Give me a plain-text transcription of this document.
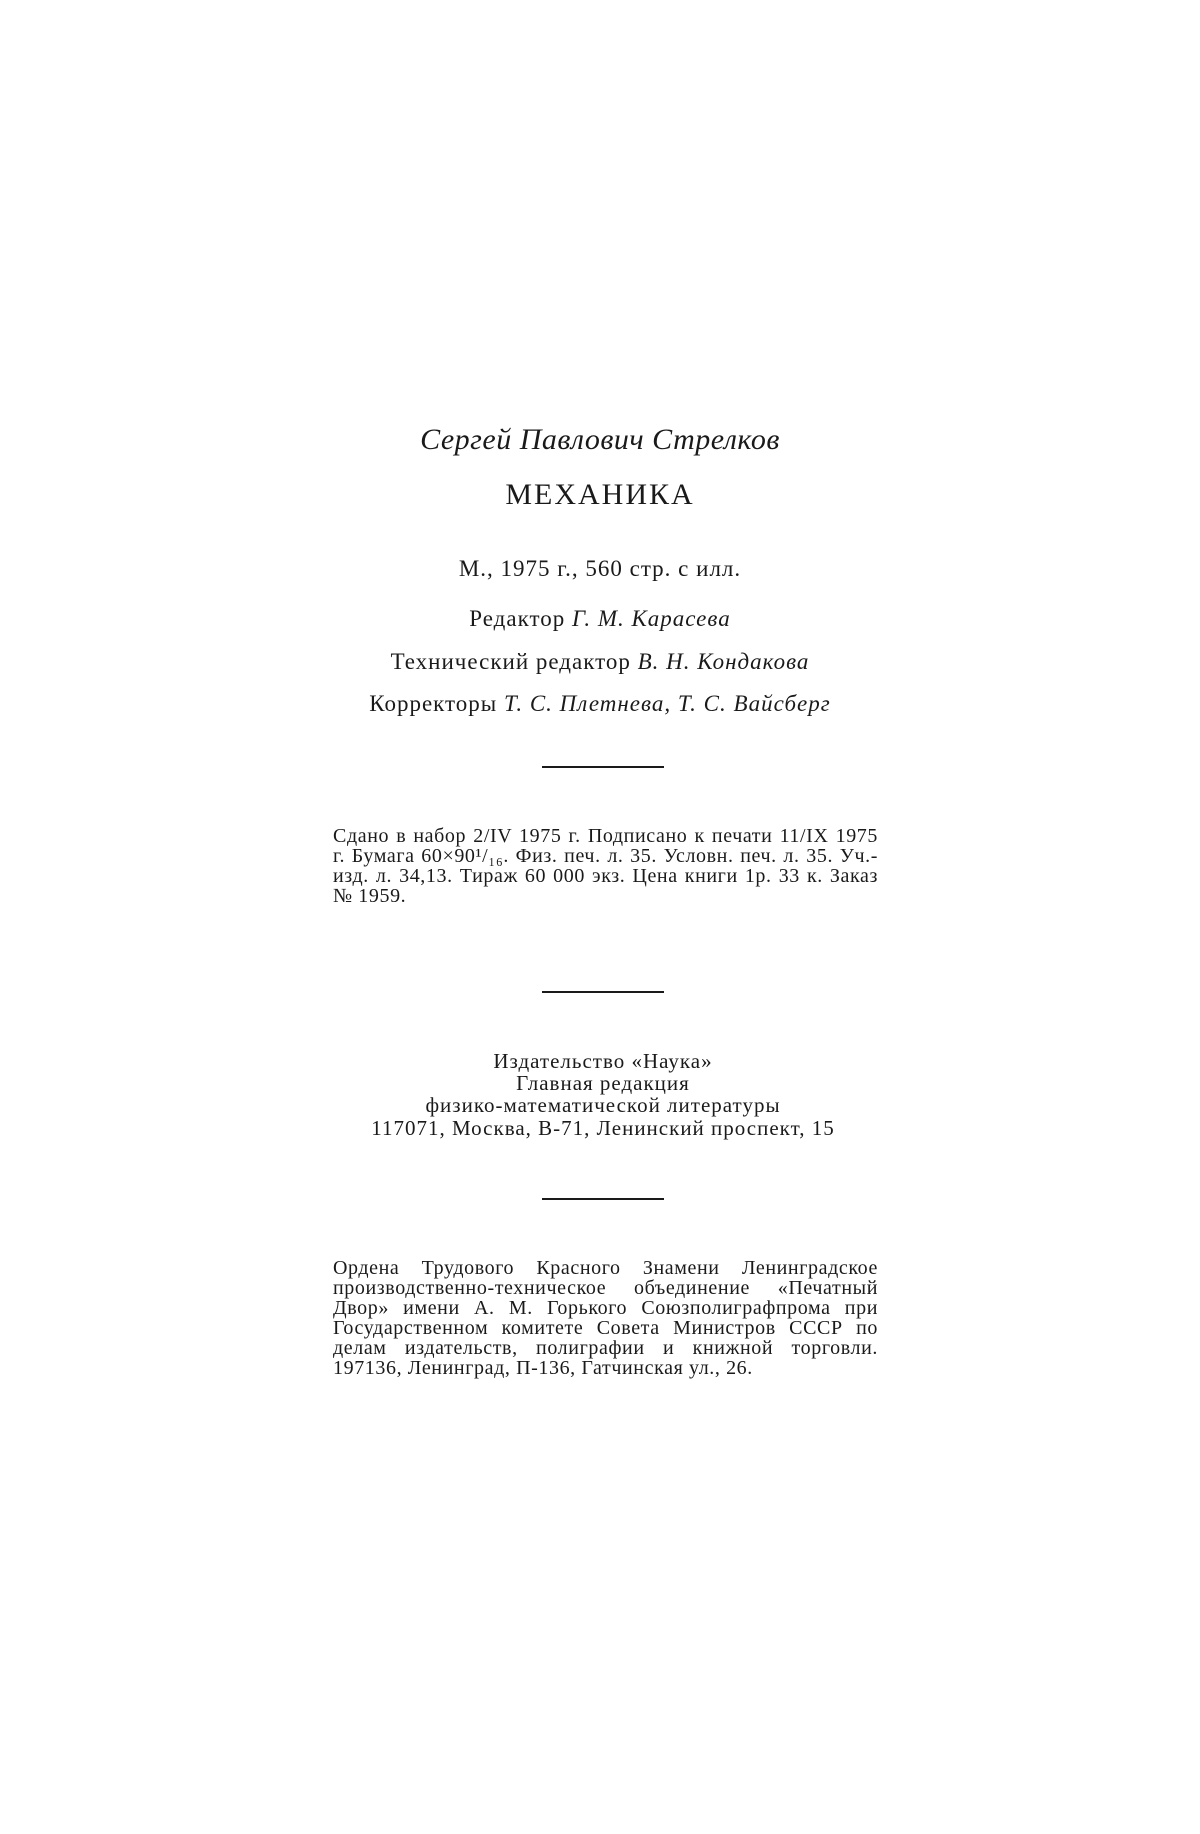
Сергей Павлович Стрелков
МЕХАНИКА
М., 1975 г., 560 стр. с илл.
Редактор Г. М. Карасева
Технический редактор В. Н. Кондакова
Корректоры Т. С. Плетнева, Т. С. Вайсберг
Сдано в набор 2/IV 1975 г. Подписано к печати 11/IX 1975 г. Бумага 60×90¹/₁₆. Физ. печ. л. 35. Условн. печ. л. 35. Уч.-изд. л. 34,13. Тираж 60 000 экз. Цена книги 1р. 33 к. Заказ № 1959.
Издательство «Наука»
Главная редакция
физико-математической литературы
117071, Москва, В-71, Ленинский проспект, 15
Ордена Трудового Красного Знамени Ленинградское производственно-техническое объединение «Печатный Двор» имени А. М. Горького Союзполиграфпрома при Государственном комитете Совета Министров СССР по делам издательств, полиграфии и книжной торговли. 197136, Ленинград, П-136, Гатчинская ул., 26.
